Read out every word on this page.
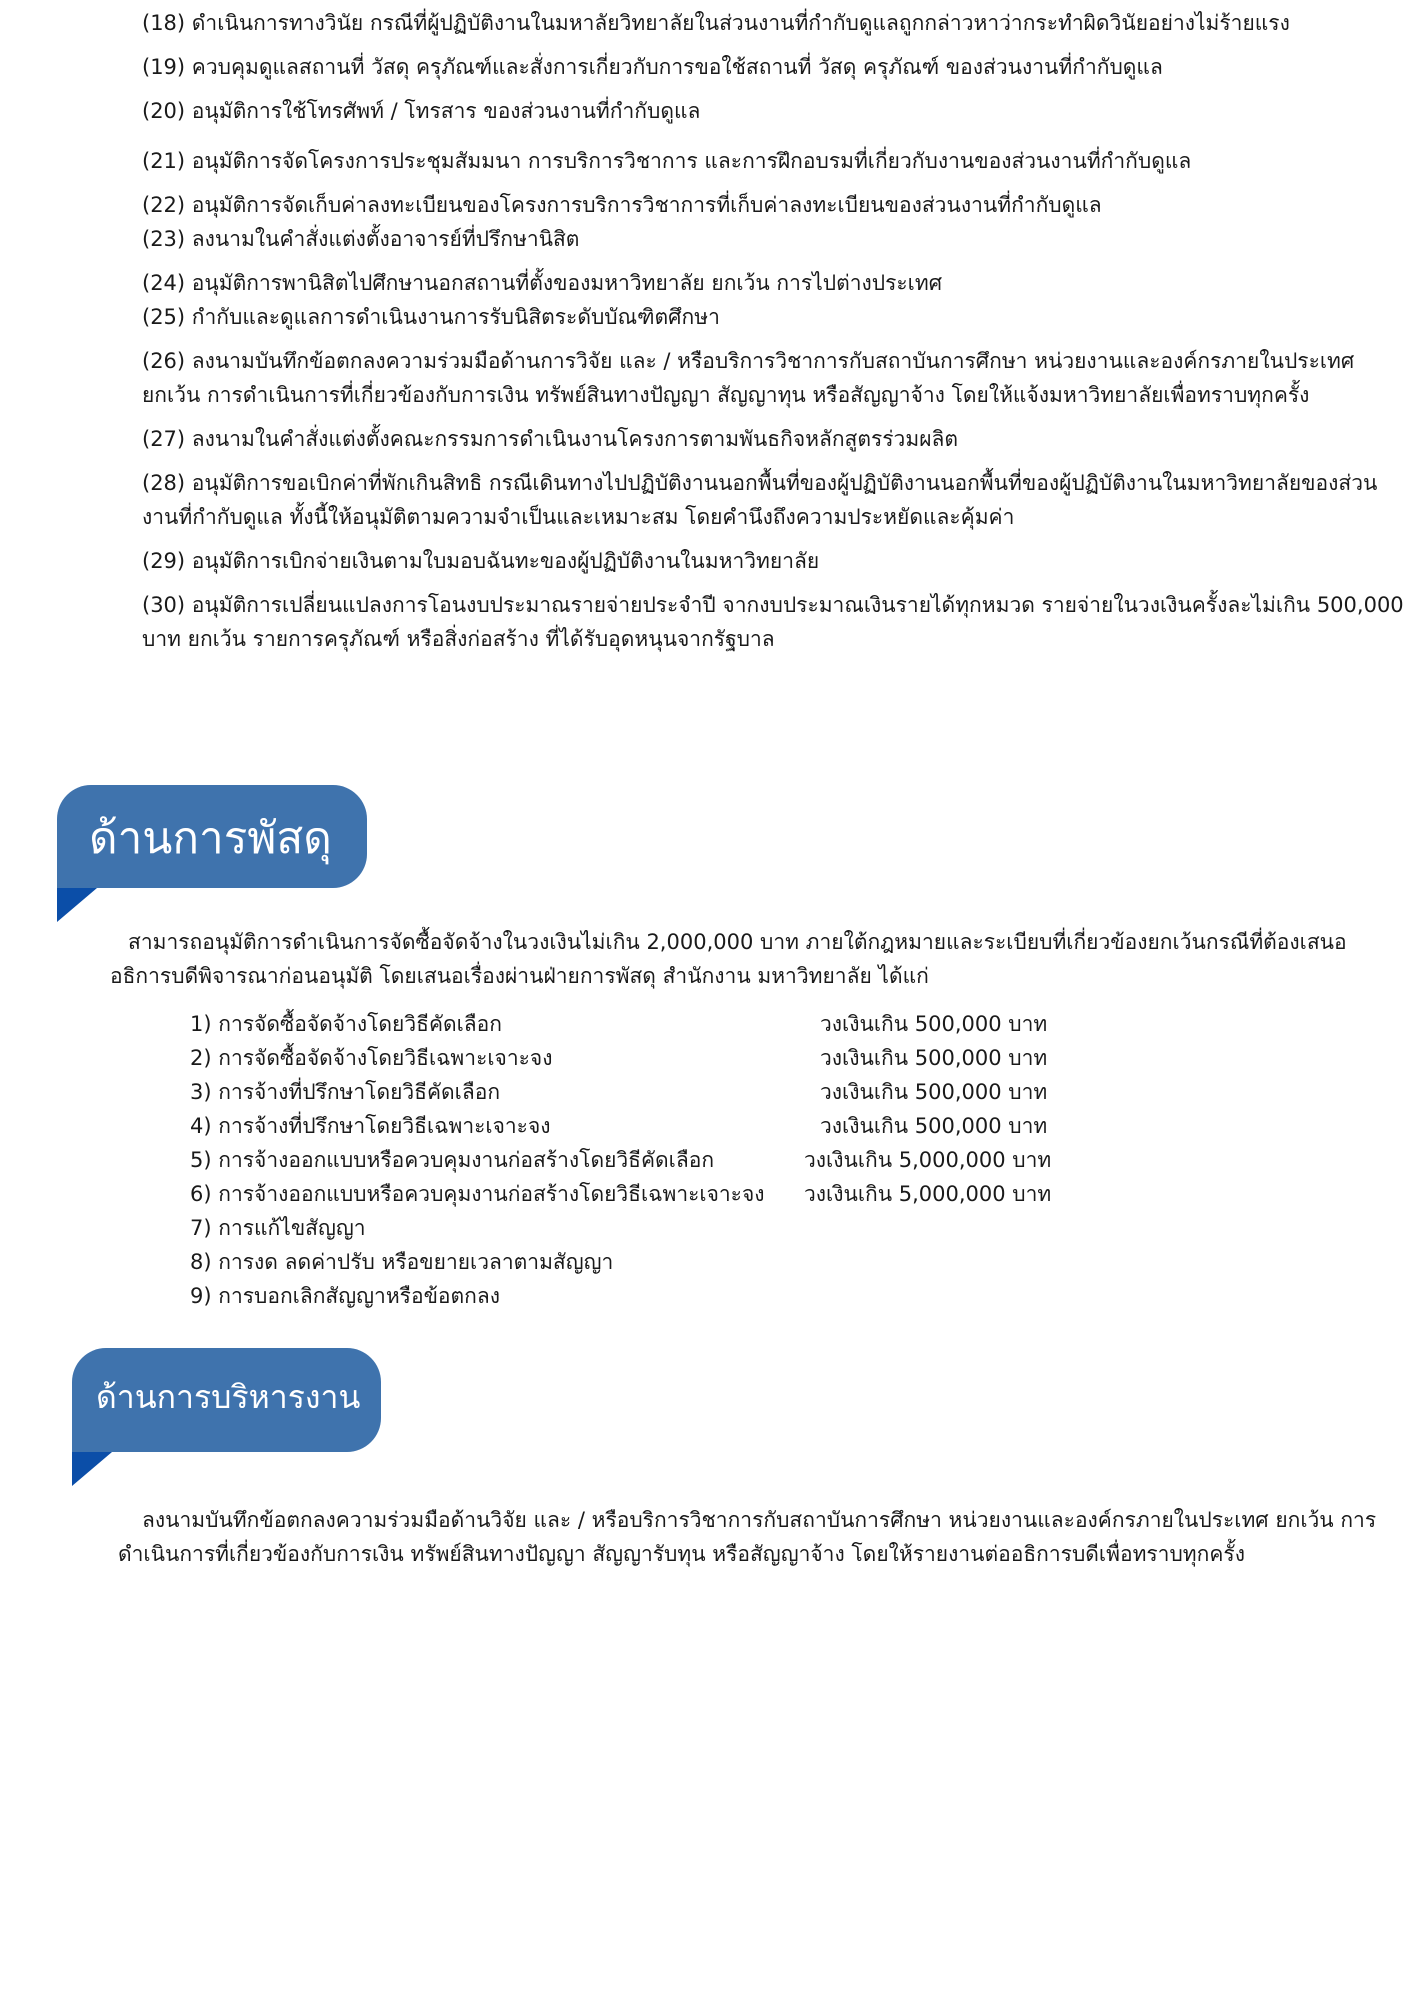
(18) ดำเนินการทางวินัย กรณีที่ผู้ปฏิบัติงานในมหาลัยวิทยาลัยในส่วนงานที่กำกับดูแลถูกกล่าวหาว่ากระทำผิดวินัยอย่างไม่ร้ายแรง
(19) ควบคุมดูแลสถานที่ วัสดุ ครุภัณฑ์และสั่งการเกี่ยวกับการขอใช้สถานที่ วัสดุ ครุภัณฑ์ ของส่วนงานที่กำกับดูแล
(20) อนุมัติการใช้โทรศัพท์ / โทรสาร ของส่วนงานที่กำกับดูแล
(21) อนุมัติการจัดโครงการประชุมสัมมนา การบริการวิชาการ และการฝึกอบรมที่เกี่ยวกับงานของส่วนงานที่กำกับดูแล
(22) อนุมัติการจัดเก็บค่าลงทะเบียนของโครงการบริการวิชาการที่เก็บค่าลงทะเบียนของส่วนงานที่กำกับดูแล
(23) ลงนามในคำสั่งแต่งตั้งอาจารย์ที่ปรึกษานิสิต
(24) อนุมัติการพานิสิตไปศึกษานอกสถานที่ตั้งของมหาวิทยาลัย ยกเว้น การไปต่างประเทศ
(25) กำกับและดูแลการดำเนินงานการรับนิสิตระดับบัณฑิตศึกษา
(26) ลงนามบันทึกข้อตกลงความร่วมมือด้านการวิจัย และ / หรือบริการวิชาการกับสถาบันการศึกษา หน่วยงานและองค์กรภายในประเทศ ยกเว้น การดำเนินการที่เกี่ยวข้องกับการเงิน ทรัพย์สินทางปัญญา สัญญาทุน หรือสัญญาจ้าง โดยให้แจ้งมหาวิทยาลัยเพื่อทราบทุกครั้ง
(27) ลงนามในคำสั่งแต่งตั้งคณะกรรมการดำเนินงานโครงการตามพันธกิจหลักสูตรร่วมผลิต
(28) อนุมัติการขอเบิกค่าที่พักเกินสิทธิ กรณีเดินทางไปปฏิบัติงานนอกพื้นที่ของผู้ปฏิบัติงานนอกพื้นที่ของผู้ปฏิบัติงานในมหาวิทยาลัยของส่วนงานที่กำกับดูแล ทั้งนี้ให้อนุมัติตามความจำเป็นและเหมาะสม โดยคำนึงถึงความประหยัดและคุ้มค่า
(29) อนุมัติการเบิกจ่ายเงินตามใบมอบฉันทะของผู้ปฏิบัติงานในมหาวิทยาลัย
(30) อนุมัติการเปลี่ยนแปลงการโอนงบประมาณรายจ่ายประจำปี จากงบประมาณเงินรายได้ทุกหมวด รายจ่ายในวงเงินครั้งละไม่เกิน 500,000 บาท ยกเว้น รายการครุภัณฑ์ หรือสิ่งก่อสร้าง ที่ได้รับอุดหนุนจากรัฐบาล
ด้านการพัสดุ

สามารถอนุมัติการดำเนินการจัดซื้อจัดจ้างในวงเงินไม่เกิน 2,000,000 บาท ภายใต้กฎหมายและระเบียบที่เกี่ยวข้องยกเว้นกรณีที่ต้องเสนออธิการบดีพิจารณาก่อนอนุมัติ โดยเสนอเรื่องผ่านฝ่ายการพัสดุ สำนักงาน มหาวิทยาลัย ได้แก่

1) การจัดซื้อจัดจ้างโดยวิธีคัดเลือก	วงเงินเกิน 500,000 บาท
2) การจัดซื้อจัดจ้างโดยวิธีเฉพาะเจาะจง	วงเงินเกิน 500,000 บาท
3) การจ้างที่ปรึกษาโดยวิธีคัดเลือก	วงเงินเกิน 500,000 บาท
4) การจ้างที่ปรึกษาโดยวิธีเฉพาะเจาะจง	วงเงินเกิน 500,000 บาท
5) การจ้างออกแบบหรือควบคุมงานก่อสร้างโดยวิธีคัดเลือก	วงเงินเกิน 5,000,000 บาท
6) การจ้างออกแบบหรือควบคุมงานก่อสร้างโดยวิธีเฉพาะเจาะจง วงเงินเกิน 5,000,000 บาท
7) การแก้ไขสัญญา
8) การงด ลดค่าปรับ หรือขยายเวลาตามสัญญา
9) การบอกเลิกสัญญาหรือข้อตกลง
ด้านการบริหารงาน

ลงนามบันทึกข้อตกลงความร่วมมือด้านวิจัย และ / หรือบริการวิชาการกับสถาบันการศึกษา หน่วยงานและองค์กรภายในประเทศ ยกเว้น การดำเนินการที่เกี่ยวข้องกับการเงิน ทรัพย์สินทางปัญญา สัญญารับทุน หรือสัญญาจ้าง โดยให้รายงานต่ออธิการบดีเพื่อทราบทุกครั้ง
